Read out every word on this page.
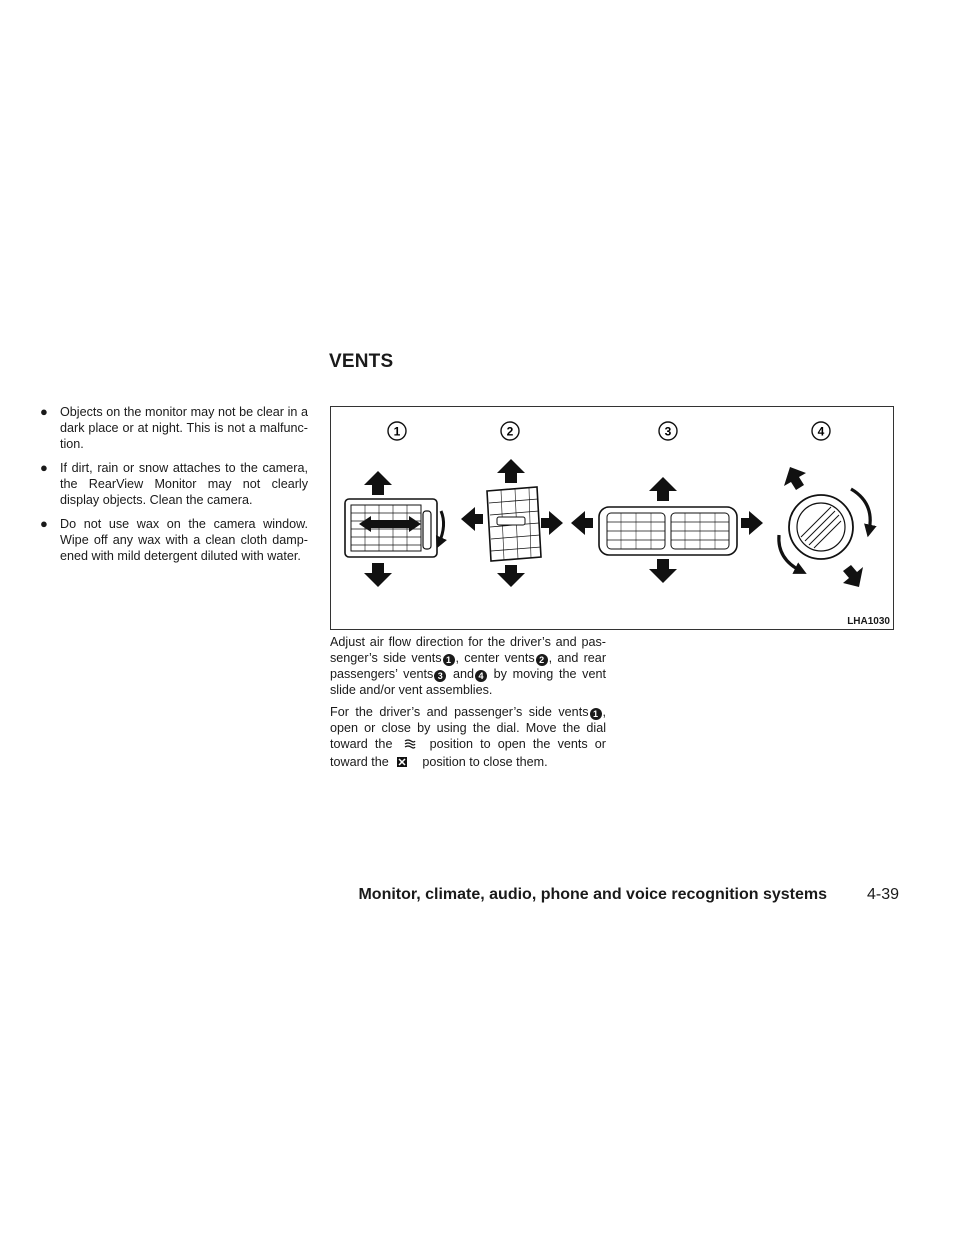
VENTS
● Objects on the monitor may not be clear in a dark place or at night. This is not a malfunc-tion.
● If dirt, rain or snow attaches to the camera, the RearView Monitor may not clearly display objects. Clean the camera.
● Do not use wax on the camera window. Wipe off any wax with a clean cloth damp-ened with mild detergent diluted with water.
1	2	3	4
LHA1030
Adjust air flow direction for the driver’s and pas-senger’s side vents 1 , center vents 2 , and rear passengers’ vents 3 and 4 by moving the vent slide and/or vent assemblies.
For the driver’s and passenger’s side vents 1 , open or close by using the dial. Move the dial toward the	position to open the vents or toward the	position to close them.
Monitor, climate, audio, phone and voice recognition systems 4-39
